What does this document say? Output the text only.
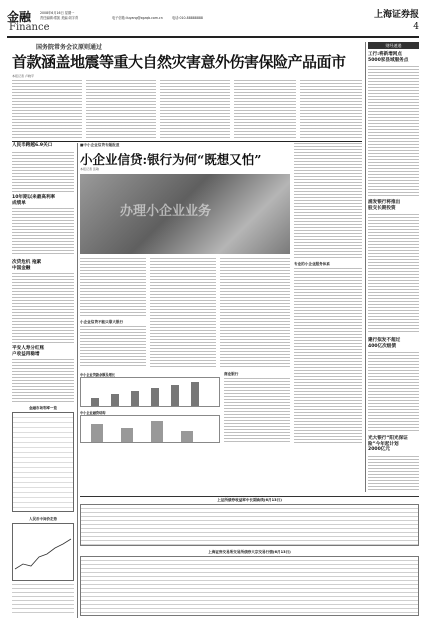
金融
Finance
2008年6月16日 星期一
责任编辑:郑凯 美编:刘宇青	电子信箱:liuyang@zgzqb.com.cn	电话:010-88888888	上海证券报
4
国务院常务会议原则通过
首款涵盖地震等重大自然灾害意外伤害保险产品面市
本报记者 卢晓平
人民币跨越6.9关口
10年期以来最高利率
成绩单
次贷危机 拖累
中国金融
平安人寿分红账
户收益再稳增
金融市场利率一览
人民币中间价走势
■中小企业信贷专题报道
小企业信贷:银行为何“既想又怕”
本报记者 张敏
办理小企业业务
小企业信贷不能只靠大银行
中小企业贷款余额及增长
中小企业融资结构
商业银行
专业的小企业服务体系
财经速递
工行:将新增网点
5000家县域服务点
浦发银行将推出
股交长期投资
建行拟发不超过
400亿次级债
光大银行“阳光保证
险”今年起计划
2000亿元
上证所债券收益率中长期曲线(6月13日)
上海证券交易所交易所债券大宗交易行情(6月13日)
